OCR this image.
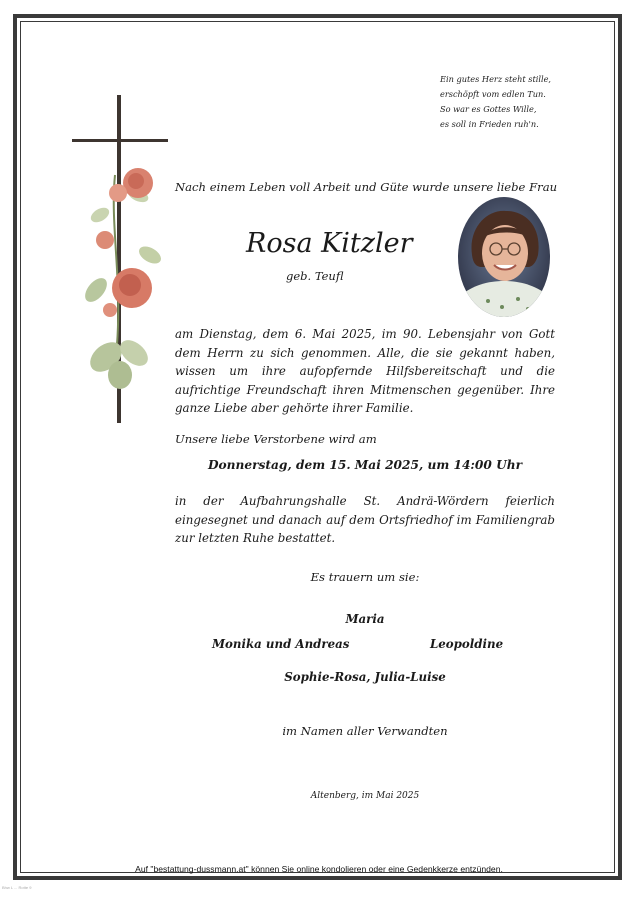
Ein gutes Herz steht stille,
erschöpft vom edlen Tun.
So war es Gottes Wille,
es soll in Frieden ruh'n.
Nach einem Leben voll Arbeit und Güte wurde unsere liebe Frau
Rosa Kitzler
geb. Teufl
am Dienstag, dem 6. Mai 2025, im 90. Lebensjahr von Gott dem Herrn zu sich genommen. Alle, die sie gekannt haben, wissen um ihre aufopfernde Hilfsbereitschaft und die aufrichtige Freundschaft ihren Mitmenschen gegenüber. Ihre ganze Liebe aber gehörte ihrer Familie.
Unsere liebe Verstorbene wird am
Donnerstag, dem 15. Mai 2025, um 14:00 Uhr
in der Aufbahrungshalle St. Andrä-Wördern feierlich eingesegnet und danach auf dem Ortsfriedhof im Familiengrab zur letzten Ruhe bestattet.
Es trauern um sie:
Maria
Monika und Andreas	Leopoldine
Sophie-Rosa, Julia-Luise
im Namen aller Verwandten
Altenberg, im Mai 2025
Auf "bestattung-dussmann.at" können Sie online kondolieren oder eine Gedenkkerze entzünden.
Bhw L ... Rotte 9
